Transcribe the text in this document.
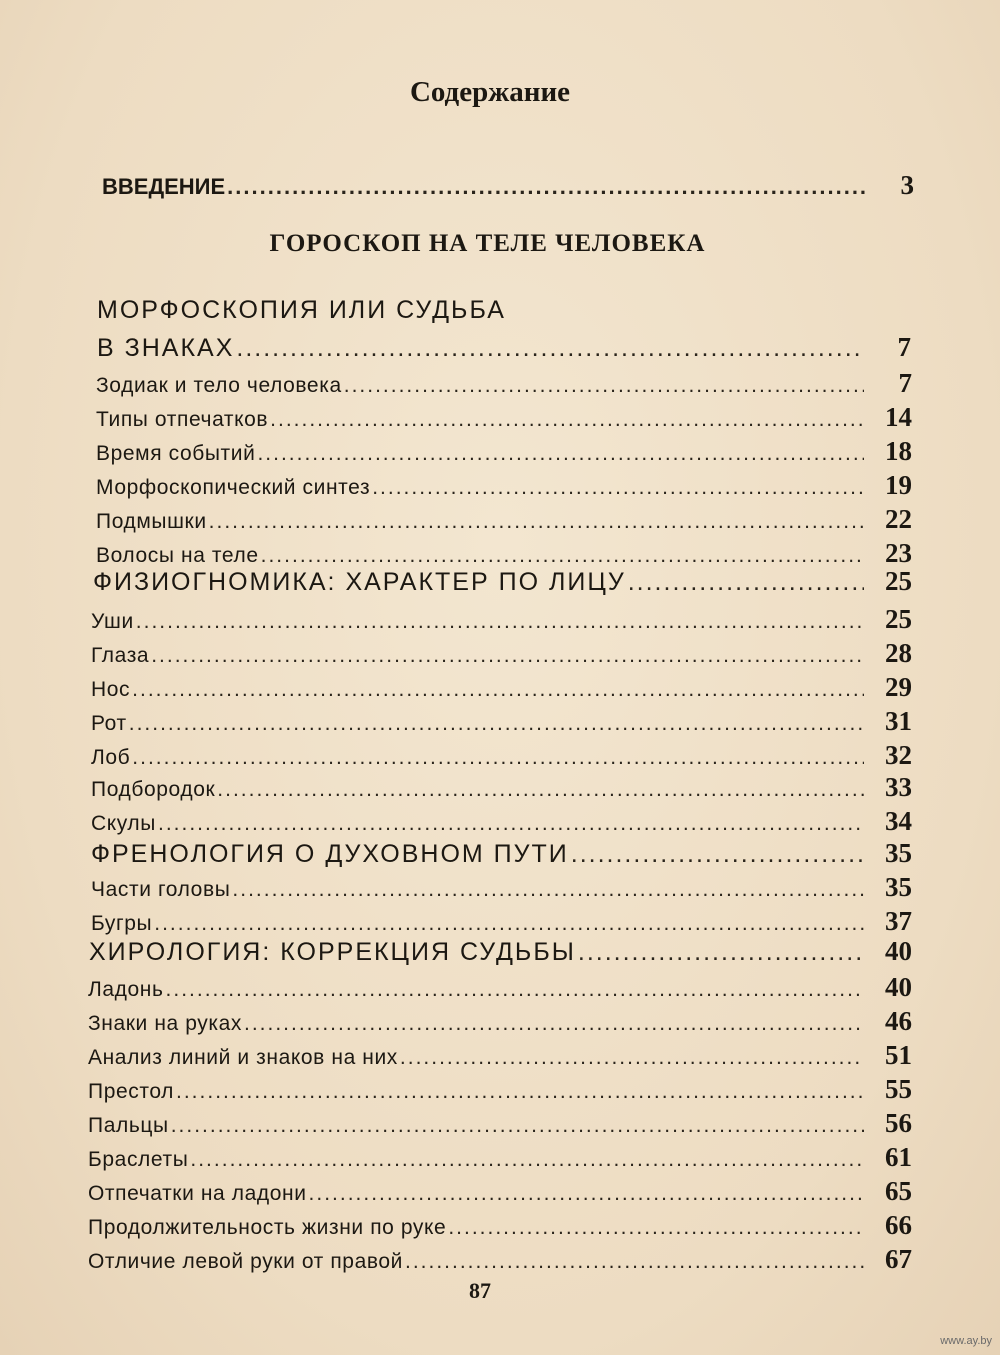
Содержание
ВВЕДЕНИЕ .....	3
ГОРОСКОП НА ТЕЛЕ ЧЕЛОВЕКА
МОРФОСКОПИЯ ИЛИ СУДЬБА
В ЗНАКАХ .....	7
Зодиак и тело человека .....	7
Типы отпечатков .....	14
Время событий .....	18
Морфоскопический синтез .....	19
Подмышки .....	22
Волосы на теле .....	23
ФИЗИОГНОМИКА: ХАРАКТЕР ПО ЛИЦУ .....	25
Уши .....	25
Глаза .....	28
Нос .....	29
Рот .....	31
Лоб .....	32
Подбородок .....	33
Скулы .....	34
ФРЕНОЛОГИЯ О ДУХОВНОМ ПУТИ .....	35
Части головы .....	35
Бугры .....	37
ХИРОЛОГИЯ: КОРРЕКЦИЯ СУДЬБЫ .....	40
Ладонь .....	40
Знаки на руках .....	46
Анализ линий и знаков на них .....	51
Престол .....	55
Пальцы .....	56
Браслеты .....	61
Отпечатки на ладони .....	65
Продолжительность жизни по руке .....	66
Отличие левой руки от правой .....	67
87
www.ay.by
